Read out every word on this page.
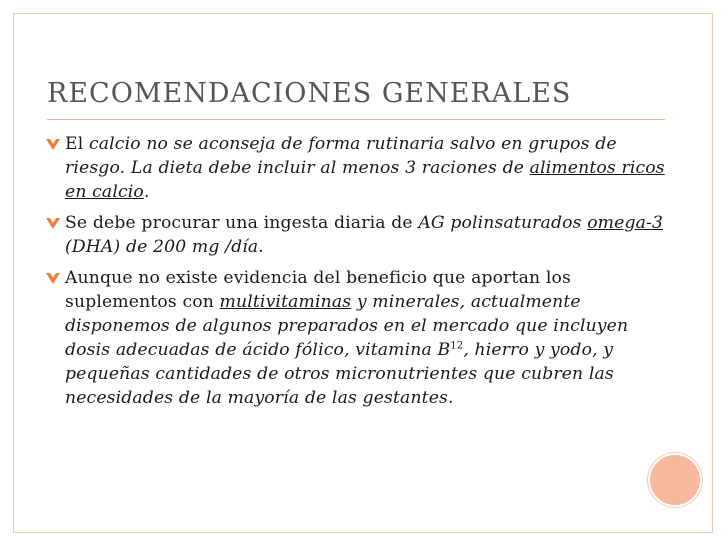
RECOMENDACIONES GENERALES
El calcio no se aconseja de forma rutinaria salvo en grupos de riesgo. La dieta debe incluir al menos 3 raciones de alimentos ricos en calcio.
Se debe procurar una ingesta diaria de AG polinsaturados omega-3 (DHA) de 200 mg /día.
Aunque no existe evidencia del beneficio que aportan los suplementos con multivitaminas y minerales, actualmente disponemos de algunos preparados en el mercado que incluyen dosis adecuadas de ácido fólico, vitamina $B^{12}$, hierro y yodo, y pequeñas cantidades de otros micronutrientes que cubren las necesidades de la mayoría de las gestantes.
